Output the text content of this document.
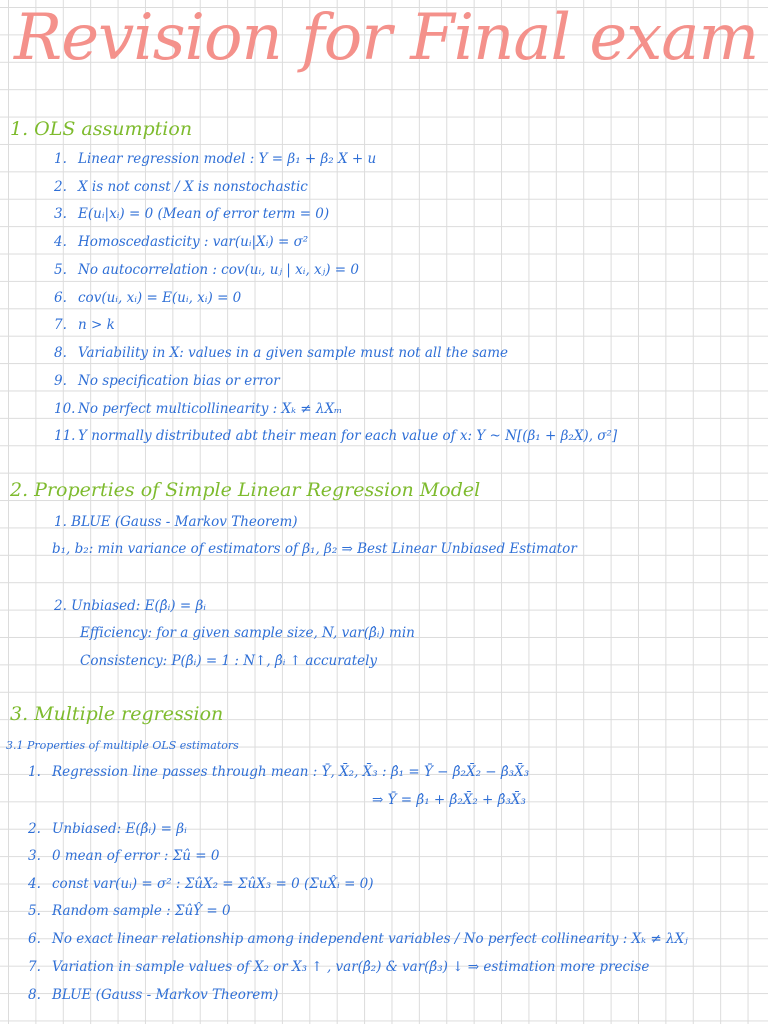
Revision for Final exam
1. OLS assumption
1. Linear regression model : Y = β₁ + β₂ X + u
2. X is not const / X is nonstochastic
3. E(uᵢ|xᵢ) = 0 (Mean of error term = 0)
4. Homoscedasticity : var(uᵢ|Xᵢ) = σ²
5. No autocorrelation : cov(uᵢ, uⱼ | xᵢ, xⱼ) = 0
6. cov(uᵢ, xᵢ) = E(uᵢ, xᵢ) = 0
7. n > k
8. Variability in X: values in a given sample must not all the same
9. No specification bias or error
10. No perfect multicollinearity : Xₖ ≠ λXₘ
11. Y normally distributed abt their mean for each value of x: Y ~ N[(β₁ + β₂X), σ²]
2. Properties of Simple Linear Regression Model
1. BLUE (Gauss - Markov Theorem)
b₁, b₂: min variance of estimators of β₁, β₂ ⇒ Best Linear Unbiased Estimator
2. Unbiased: E(β̂ᵢ) = βᵢ
Efficiency: for a given sample size, N, var(β̂ᵢ) min
Consistency: P(β̂ᵢ) = 1 : N↑, β̂ᵢ ↑ accurately
3. Multiple regression
3.1 Properties of multiple OLS estimators
1. Regression line passes through mean : Ȳ, X̄₂, X̄₃ : β̂₁ = Ȳ − β̂₂X̄₂ − β̂₃X̄₃
⇒ Ȳ = β̂₁ + β̂₂X̄₂ + β̂₃X̄₃
2. Unbiased: E(β̂ᵢ) = βᵢ
3. 0 mean of error : Σû = 0
4. const var(uᵢ) = σ² : ΣûX₂ = ΣûX₃ = 0 (ΣuX̂ᵢ = 0)
5. Random sample : ΣûŶ = 0
6. No exact linear relationship among independent variables / No perfect collinearity : Xₖ ≠ λXⱼ
7. Variation in sample values of X₂ or X₃ ↑ , var(β̂₂) & var(β̂₃) ↓ ⇒ estimation more precise
8. BLUE (Gauss - Markov Theorem)
